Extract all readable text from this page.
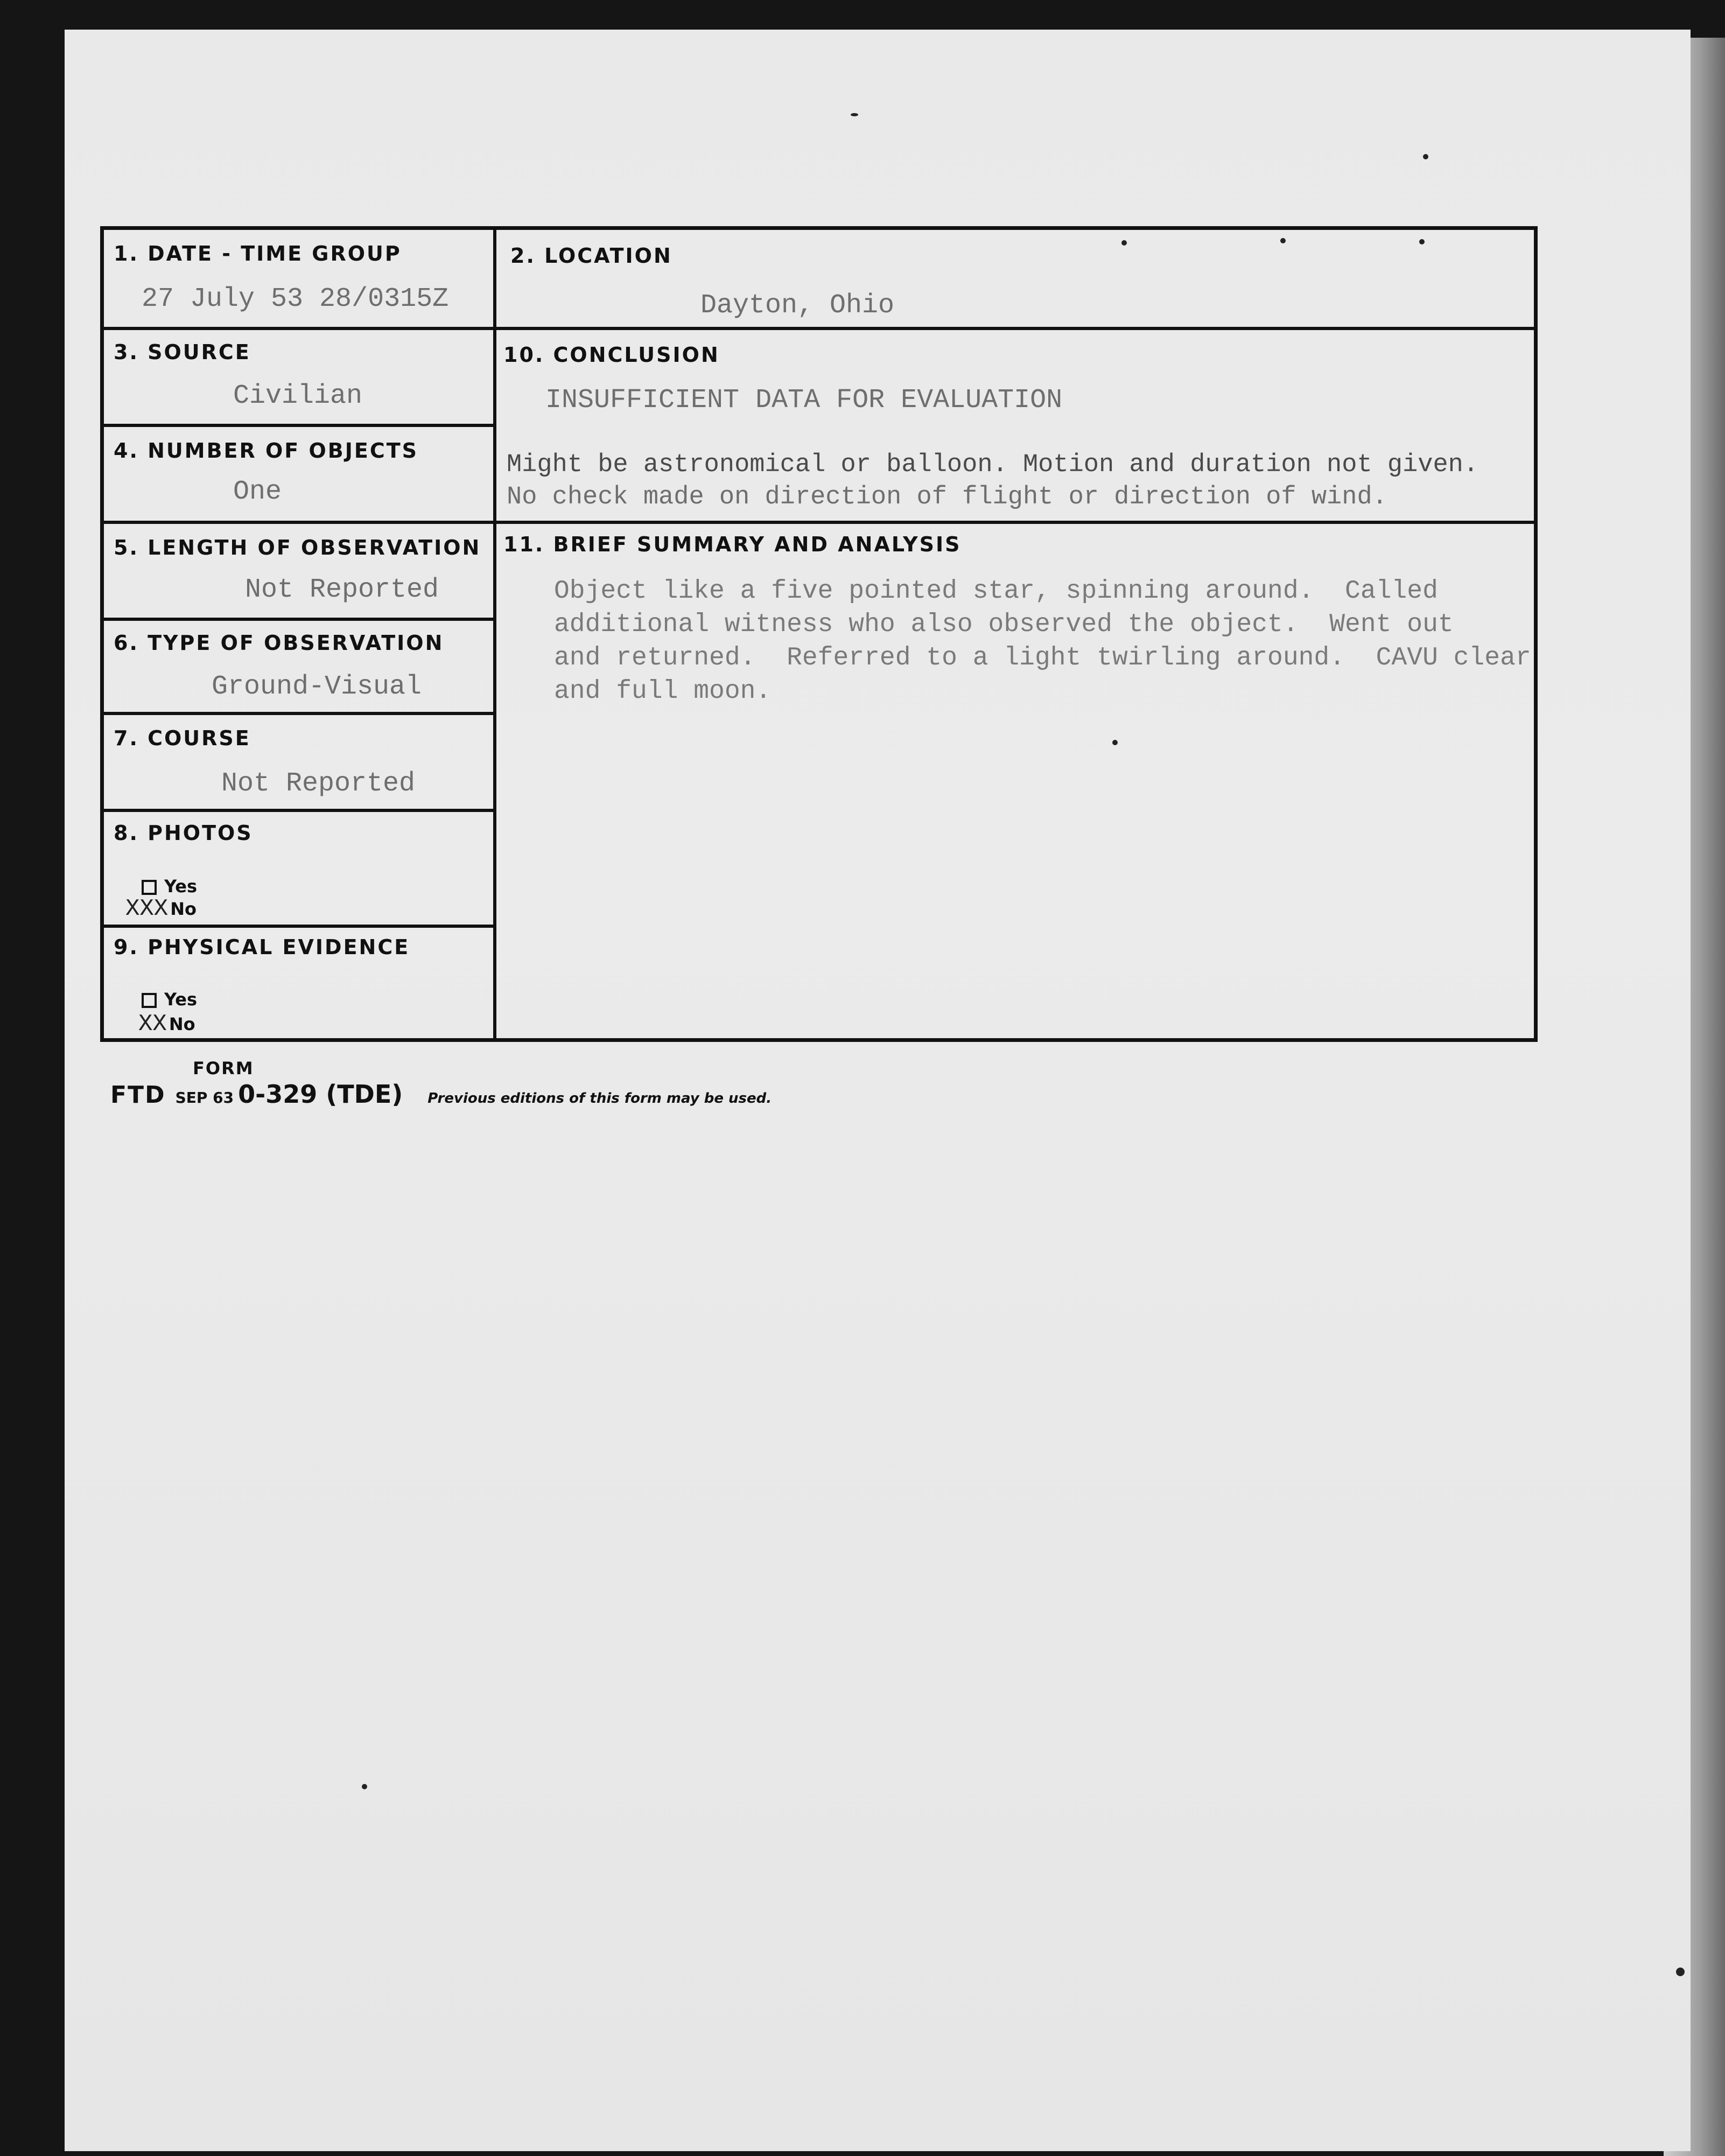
1. DATE - TIME GROUP
27 July 53 28/0315Z
2. LOCATION
Dayton, Ohio
3. SOURCE
Civilian
4. NUMBER OF OBJECTS
One
5. LENGTH OF OBSERVATION
Not Reported
6. TYPE OF OBSERVATION
Ground-Visual
7. COURSE
Not Reported
8. PHOTOS
Yes
XXX No
9. PHYSICAL EVIDENCE
Yes
XX No
10. CONCLUSION
INSUFFICIENT DATA FOR EVALUATION
Might be astronomical or balloon. Motion and duration not given.
No check made on direction of flight or direction of wind.
11. BRIEF SUMMARY AND ANALYSIS
Object like a five pointed star, spinning around.  Called
additional witness who also observed the object.  Went out
and returned.  Referred to a light twirling around.  CAVU clear
and full moon.
FORM
FTD SEP 63 0-329 (TDE) Previous editions of this form may be used.
